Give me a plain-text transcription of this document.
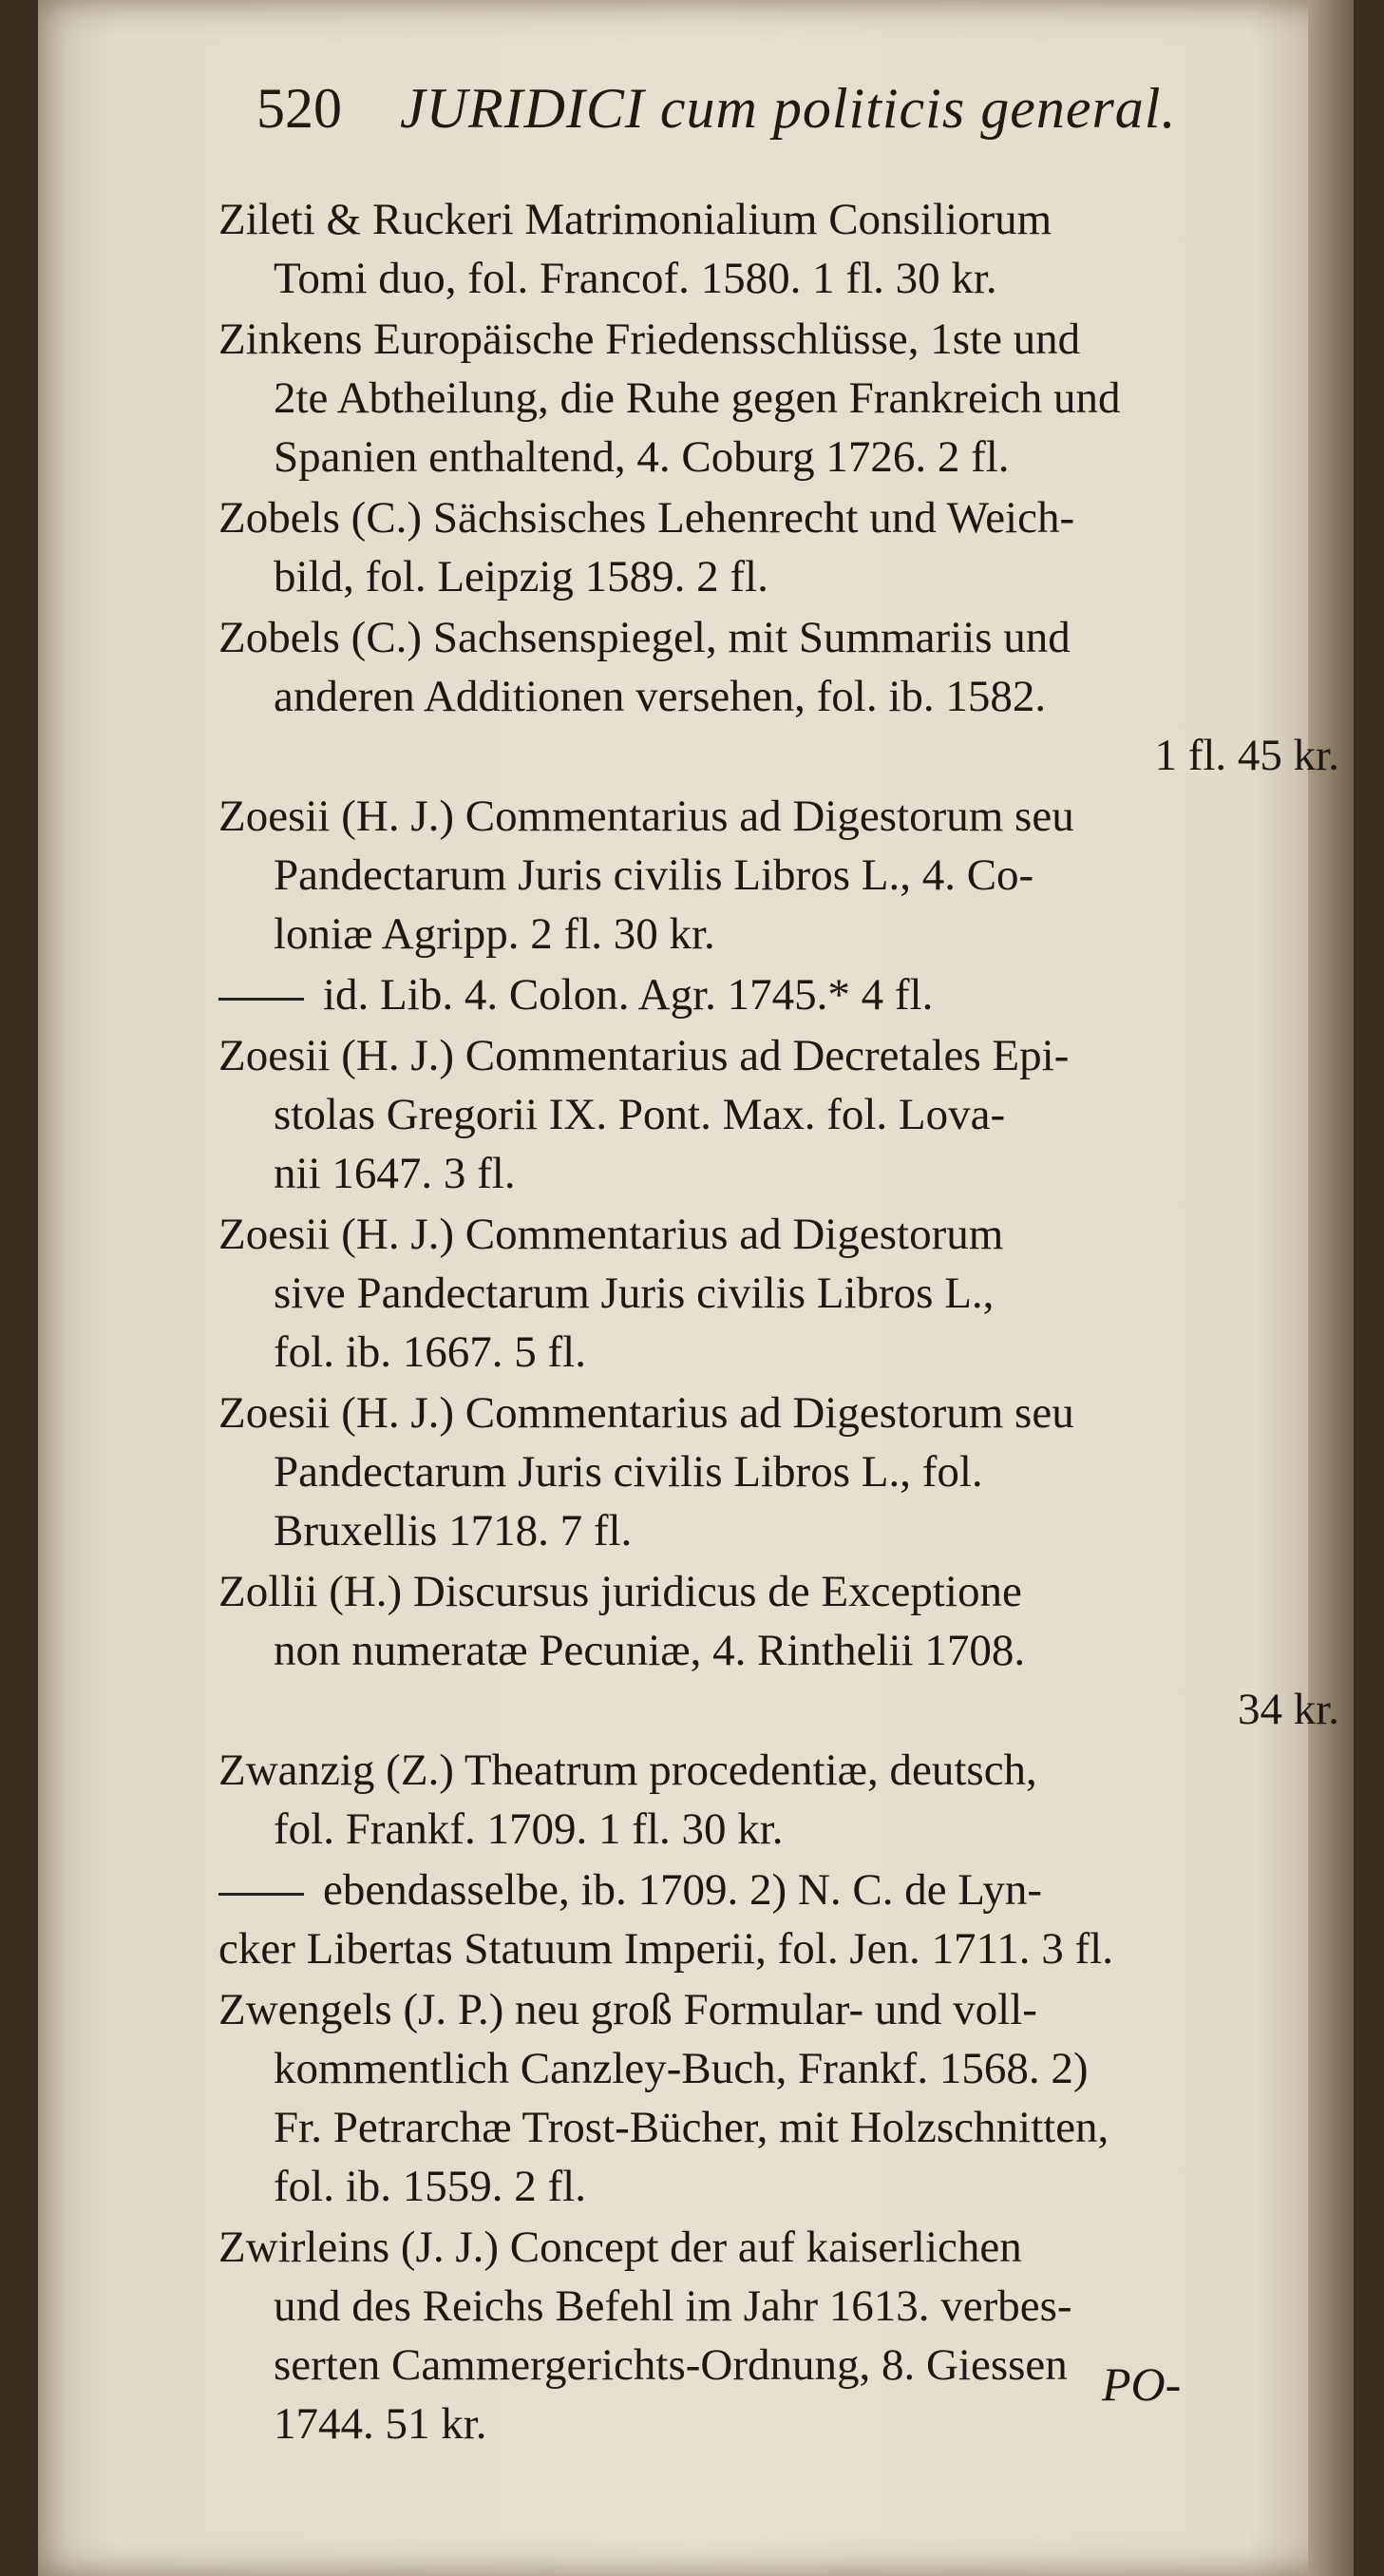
520 JURIDICI cum politicis general.
Zileti & Ruckeri Matrimonialium Consiliorum
Tomi duo, fol. Francof. 1580. 1 fl. 30 kr.
Zinkens Europäische Friedensschlüsse, 1ste und
2te Abtheilung, die Ruhe gegen Frankreich und
Spanien enthaltend, 4. Coburg 1726. 2 fl.
Zobels (C.) Sächsisches Lehenrecht und Weich-
bild, fol. Leipzig 1589. 2 fl.
Zobels (C.) Sachsenspiegel, mit Summariis und
anderen Additionen versehen, fol. ib. 1582.
1 fl. 45 kr.
Zoesii (H. J.) Commentarius ad Digestorum seu
Pandectarum Juris civilis Libros L., 4. Co-
loniæ Agripp. 2 fl. 30 kr.
id. Lib. 4. Colon. Agr. 1745.* 4 fl.
Zoesii (H. J.) Commentarius ad Decretales Epi-
stolas Gregorii IX. Pont. Max. fol. Lova-
nii 1647. 3 fl.
Zoesii (H. J.) Commentarius ad Digestorum
sive Pandectarum Juris civilis Libros L.,
fol. ib. 1667. 5 fl.
Zoesii (H. J.) Commentarius ad Digestorum seu
Pandectarum Juris civilis Libros L., fol.
Bruxellis 1718. 7 fl.
Zollii (H.) Discursus juridicus de Exceptione
non numeratæ Pecuniæ, 4. Rinthelii 1708.
34 kr.
Zwanzig (Z.) Theatrum procedentiæ, deutsch,
fol. Frankf. 1709. 1 fl. 30 kr.
ebendasselbe, ib. 1709. 2) N. C. de Lyn-
cker Libertas Statuum Imperii, fol. Jen. 1711. 3 fl.
Zwengels (J. P.) neu groß Formular- und voll-
kommentlich Canzley-Buch, Frankf. 1568. 2)
Fr. Petrarchæ Trost-Bücher, mit Holzschnitten,
fol. ib. 1559. 2 fl.
Zwirleins (J. J.) Concept der auf kaiserlichen
und des Reichs Befehl im Jahr 1613. verbes-
serten Cammergerichts-Ordnung, 8. Giessen
1744. 51 kr.
PO-
